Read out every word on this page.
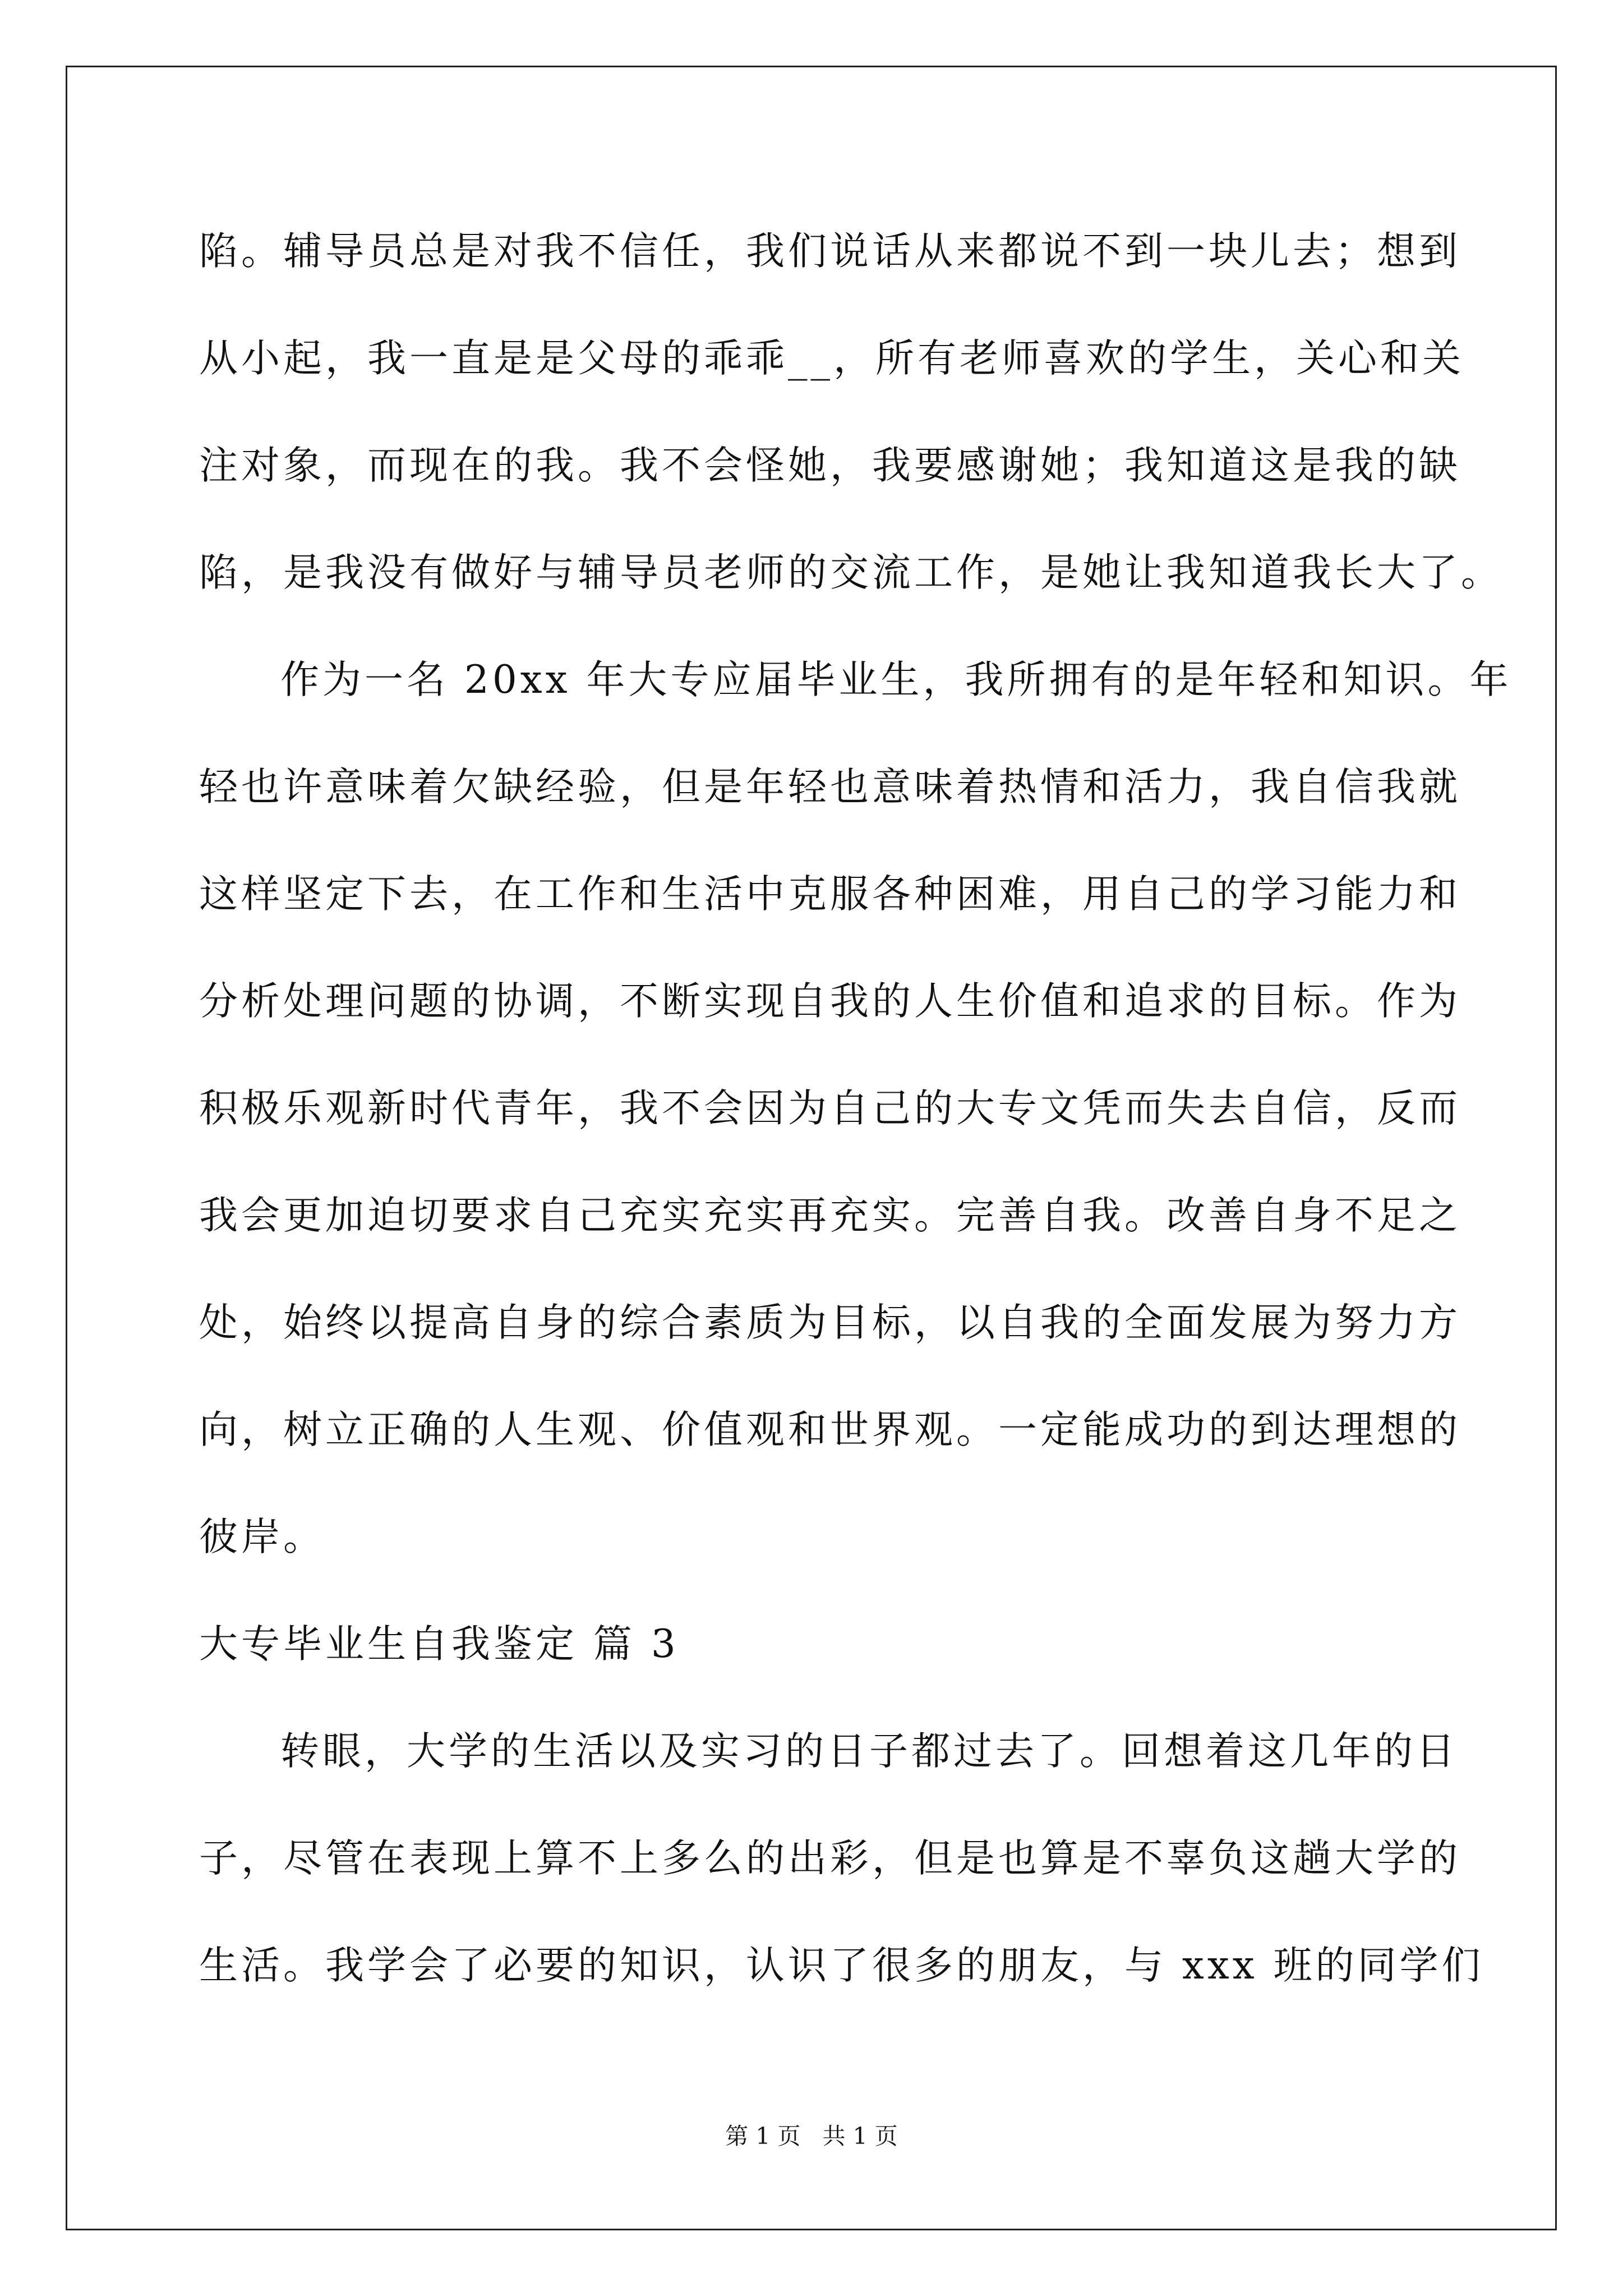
陷。辅导员总是对我不信任，我们说话从来都说不到一块儿去；想到
从小起，我一直是是父母的乖乖__，所有老师喜欢的学生，关心和关
注对象，而现在的我。我不会怪她，我要感谢她；我知道这是我的缺
陷，是我没有做好与辅导员老师的交流工作，是她让我知道我长大了。
作为一名 20xx 年大专应届毕业生，我所拥有的是年轻和知识。年
轻也许意味着欠缺经验，但是年轻也意味着热情和活力，我自信我就
这样坚定下去，在工作和生活中克服各种困难，用自己的学习能力和
分析处理问题的协调，不断实现自我的人生价值和追求的目标。作为
积极乐观新时代青年，我不会因为自己的大专文凭而失去自信，反而
我会更加迫切要求自己充实充实再充实。完善自我。改善自身不足之
处，始终以提高自身的综合素质为目标，以自我的全面发展为努力方
向，树立正确的人生观、价值观和世界观。一定能成功的到达理想的
彼岸。
大专毕业生自我鉴定 篇 3
转眼，大学的生活以及实习的日子都过去了。回想着这几年的日
子，尽管在表现上算不上多么的出彩，但是也算是不辜负这趟大学的
生活。我学会了必要的知识，认识了很多的朋友，与 xxx 班的同学们
第 1 页   共 1 页
